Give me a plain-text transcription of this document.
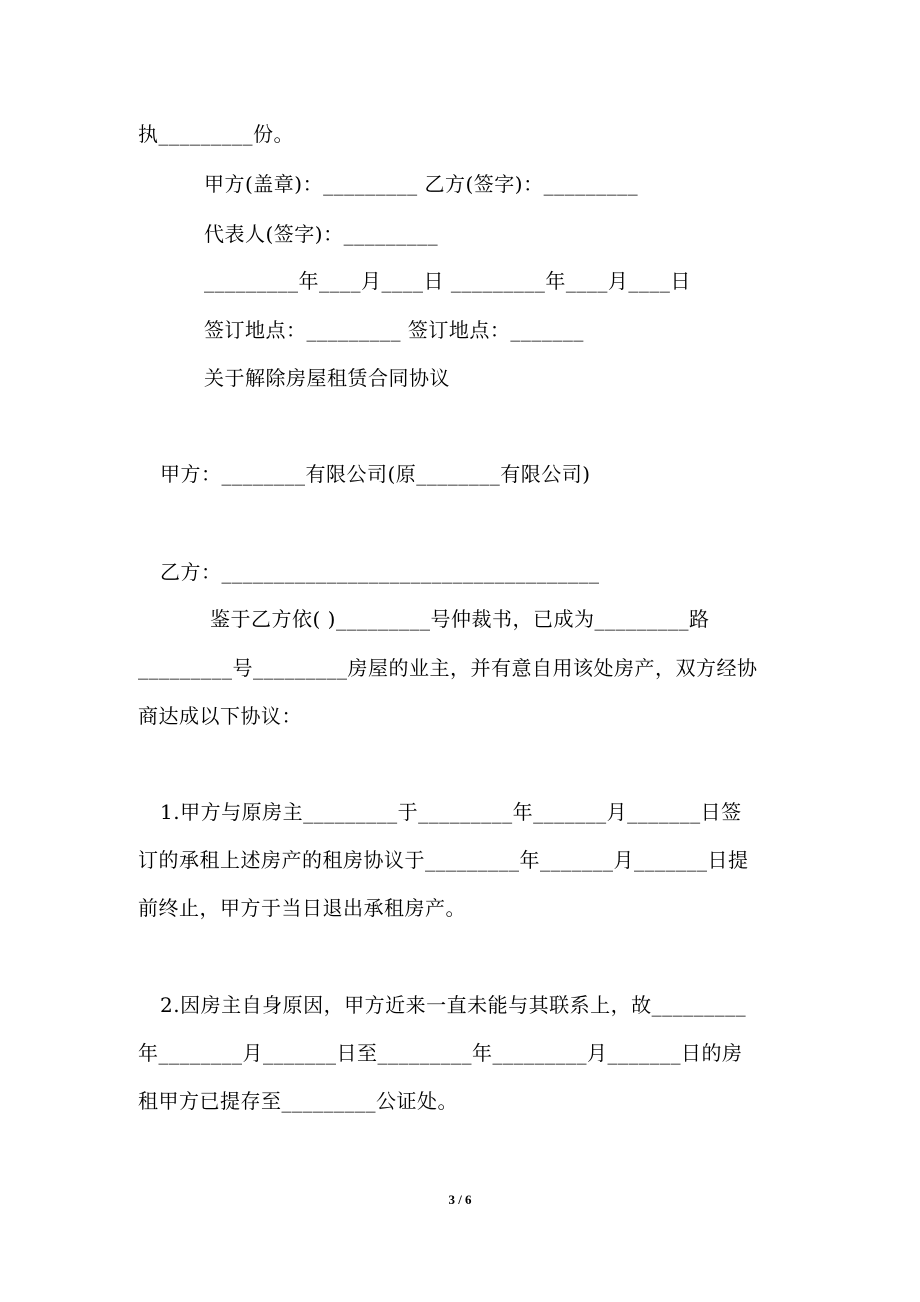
执_________份。
甲方(盖章)：_________ 乙方(签字)：_________
代表人(签字)：_________
_________年____月____日 _________年____月____日
签订地点：_________ 签订地点：_______
关于解除房屋租赁合同协议
甲方：________有限公司(原________有限公司)
乙方：____________________________________
鉴于乙方依( )_________号仲裁书，已成为_________路
_________号_________房屋的业主，并有意自用该处房产，双方经协
商达成以下协议：
1.甲方与原房主_________于_________年_______月_______日签
订的承租上述房产的租房协议于_________年_______月_______日提
前终止，甲方于当日退出承租房产。
2.因房主自身原因，甲方近来一直未能与其联系上，故_________
年________月_______日至_________年_________月_______日的房
租甲方已提存至_________公证处。
3 / 6
